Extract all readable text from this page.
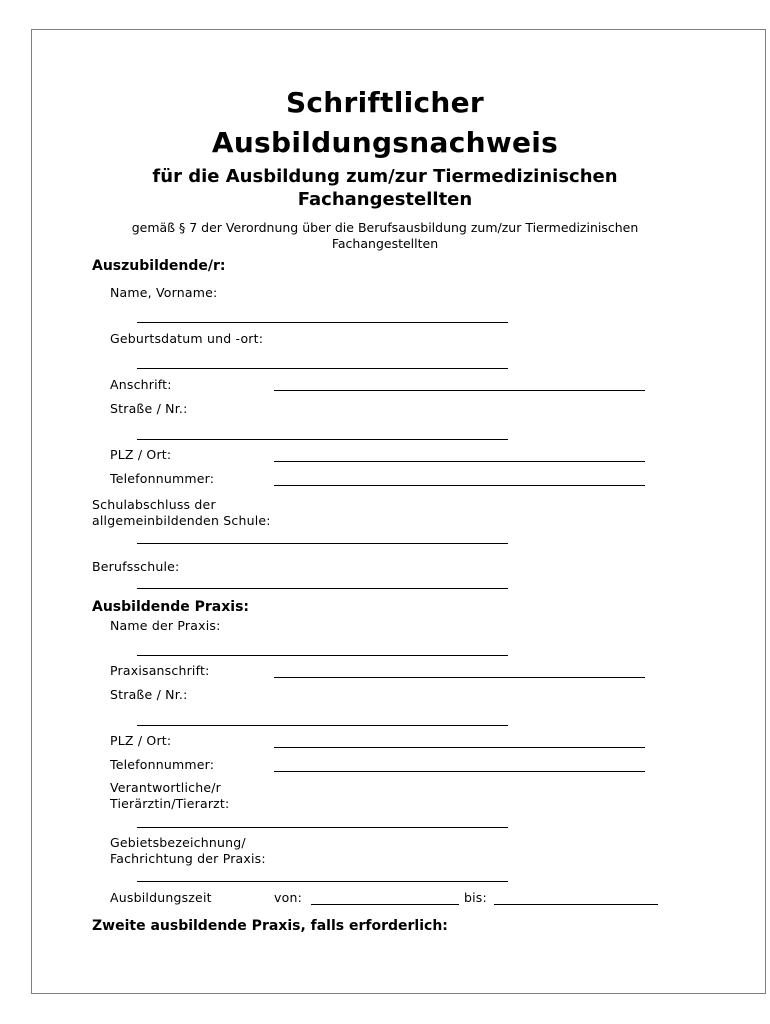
Schriftlicher
Ausbildungsnachweis
für die Ausbildung zum/zur Tiermedizinischen
Fachangestellten
gemäß § 7 der Verordnung über die Berufsausbildung zum/zur Tiermedizinischen
Fachangestellten
Auszubildende/r:
Name, Vorname:
Geburtsdatum und -ort:
Anschrift:
Straße / Nr.:
PLZ / Ort:
Telefonnummer:
Schulabschluss der
allgemeinbildenden Schule:
Berufsschule:
Ausbildende Praxis:
Name der Praxis:
Praxisanschrift:
Straße / Nr.:
PLZ / Ort:
Telefonnummer:
Verantwortliche/r
Tierärztin/Tierarzt:
Gebietsbezeichnung/
Fachrichtung der Praxis:
Ausbildungszeit	von:	bis:
Zweite ausbildende Praxis, falls erforderlich:
